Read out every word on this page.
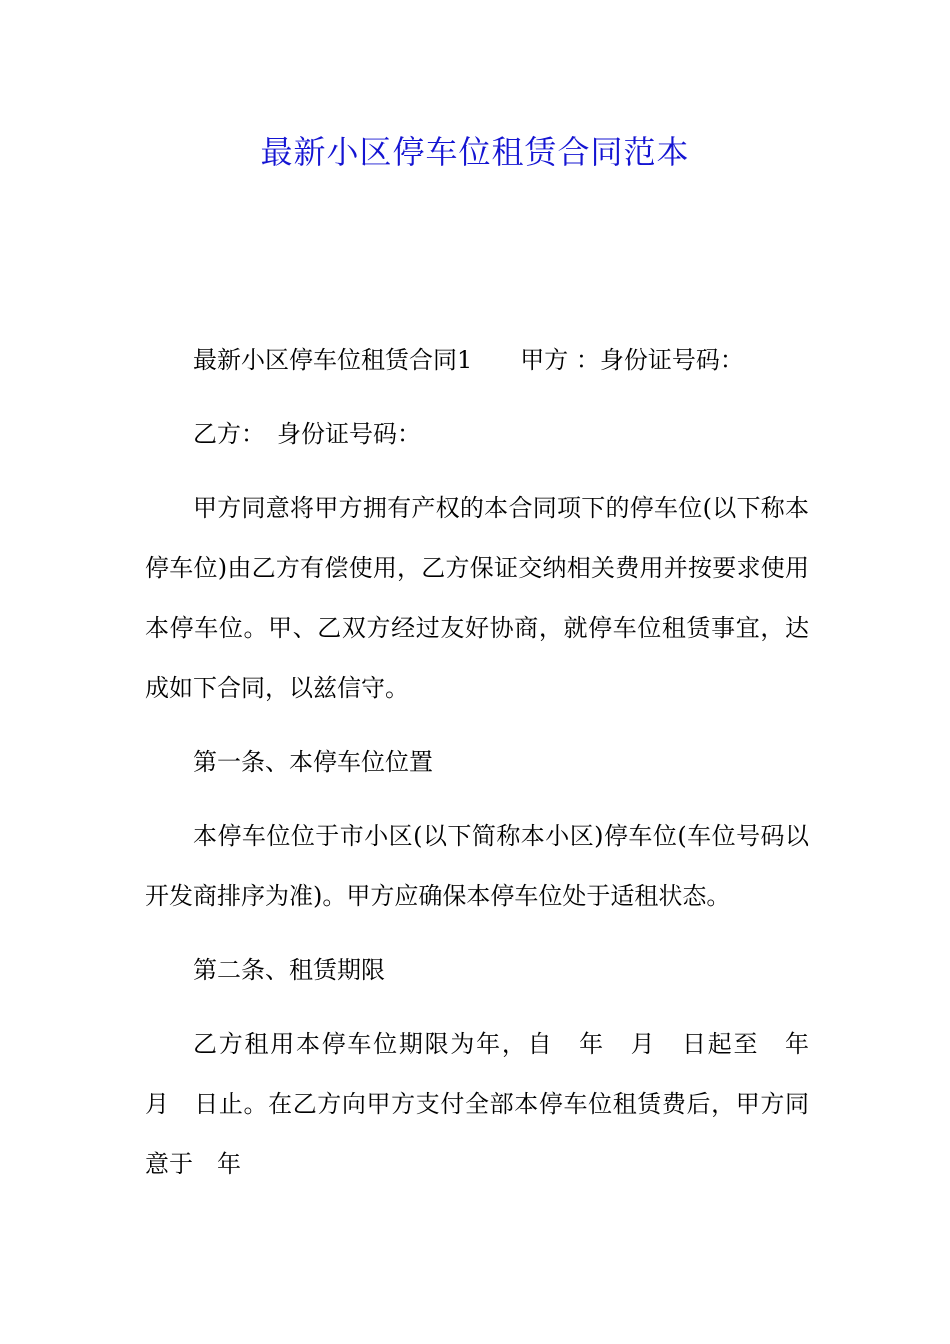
最新小区停车位租赁合同范本

最新小区停车位租赁合同1　　甲方 ：身份证号码：

乙方：　身份证号码：

甲方同意将甲方拥有产权的本合同项下的停车位(以下称本停车位)由乙方有偿使用，乙方保证交纳相关费用并按要求使用本停车位。甲、乙双方经过友好协商，就停车位租赁事宜，达成如下合同，以兹信守。

第一条、本停车位位置

本停车位位于市小区(以下简称本小区)停车位(车位号码以开发商排序为准)。甲方应确保本停车位处于适租状态。

第二条、租赁期限

乙方租用本停车位期限为年，自　年　月　日起至　年　月　日止。在乙方向甲方支付全部本停车位租赁费后，甲方同意于　年
